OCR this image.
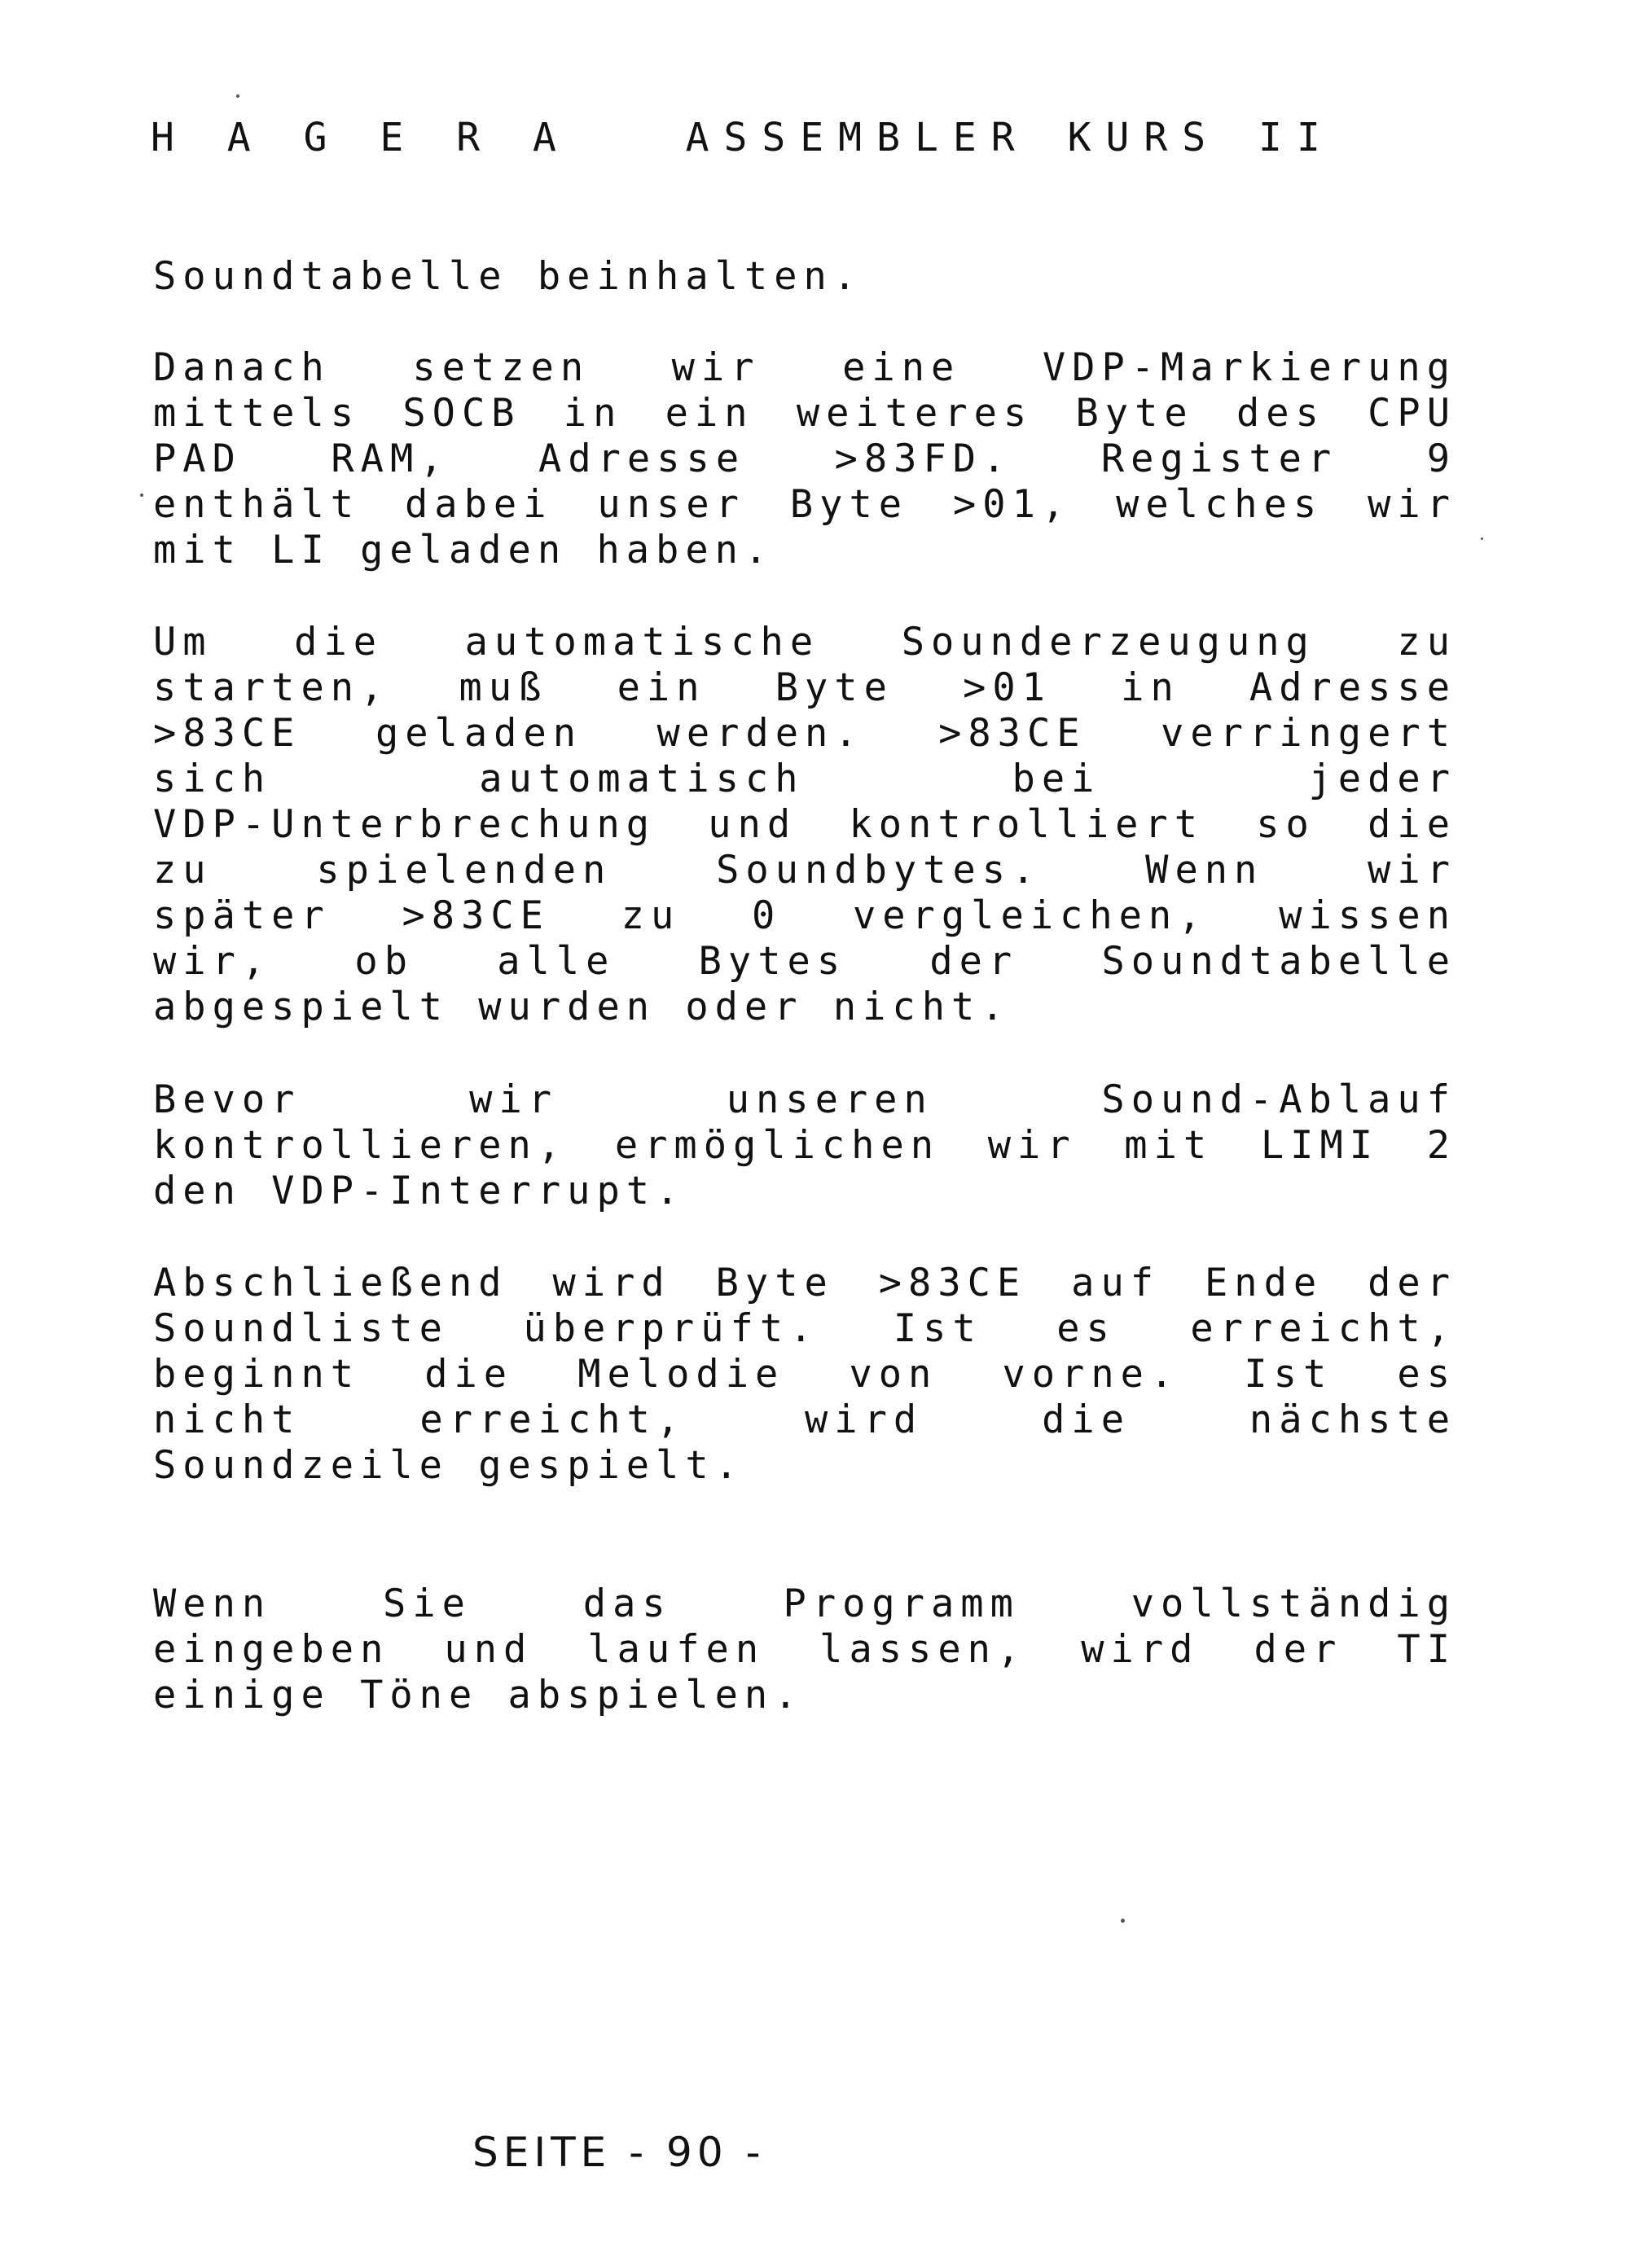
H A G E R A   ASSEMBLER KURS II
Soundtabelle beinhalten.
Danach setzen wir eine VDP-Markierung
mittels SOCB in ein weiteres Byte des CPU
PAD RAM, Adresse >83FD. Register 9
enthält dabei unser Byte >01, welches wir
mit LI geladen haben.
Um die automatische Sounderzeugung zu
starten, muß ein Byte >01 in Adresse
>83CE geladen werden. >83CE verringert
sich automatisch bei jeder
VDP-Unterbrechung und kontrolliert so die
zu spielenden Soundbytes. Wenn wir
später >83CE zu 0 vergleichen, wissen
wir, ob alle Bytes der Soundtabelle
abgespielt wurden oder nicht.
Bevor wir unseren Sound-Ablauf
kontrollieren, ermöglichen wir mit LIMI 2
den VDP-Interrupt.
Abschließend wird Byte >83CE auf Ende der
Soundliste überprüft. Ist es erreicht,
beginnt die Melodie von vorne. Ist es
nicht erreicht, wird die nächste
Soundzeile gespielt.
Wenn Sie das Programm vollständig
eingeben und laufen lassen, wird der TI
einige Töne abspielen.
SEITE - 90 -
